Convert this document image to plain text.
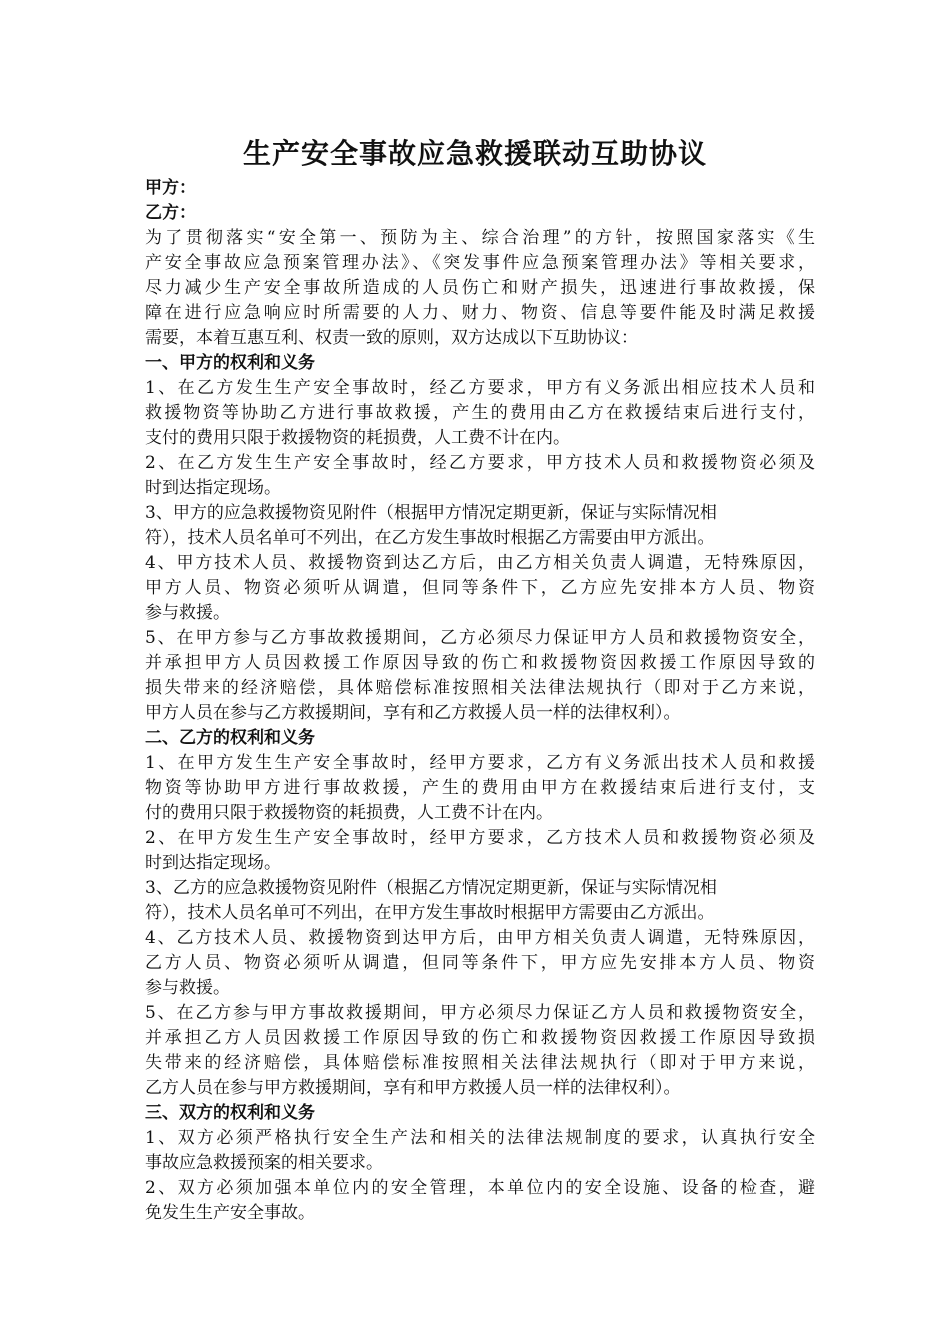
生产安全事故应急救援联动互助协议
甲方：
乙方：
为了贯彻落实“安全第一、预防为主、综合治理”的方针，按照国家落实《生
产安全事故应急预案管理办法》、《突发事件应急预案管理办法》等相关要求，
尽力减少生产安全事故所造成的人员伤亡和财产损失，迅速进行事故救援，保
障在进行应急响应时所需要的人力、财力、物资、信息等要件能及时满足救援
需要，本着互惠互利、权责一致的原则，双方达成以下互助协议：
一、甲方的权利和义务
1、在乙方发生生产安全事故时，经乙方要求，甲方有义务派出相应技术人员和
救援物资等协助乙方进行事故救援，产生的费用由乙方在救援结束后进行支付，
支付的费用只限于救援物资的耗损费，人工费不计在内。
2、在乙方发生生产安全事故时，经乙方要求，甲方技术人员和救援物资必须及
时到达指定现场。
3、甲方的应急救援物资见附件（根据甲方情况定期更新，保证与实际情况相
符），技术人员名单可不列出，在乙方发生事故时根据乙方需要由甲方派出。
4、甲方技术人员、救援物资到达乙方后，由乙方相关负责人调遣，无特殊原因，
甲方人员、物资必须听从调遣，但同等条件下，乙方应先安排本方人员、物资
参与救援。
5、在甲方参与乙方事故救援期间，乙方必须尽力保证甲方人员和救援物资安全，
并承担甲方人员因救援工作原因导致的伤亡和救援物资因救援工作原因导致的
损失带来的经济赔偿，具体赔偿标准按照相关法律法规执行（即对于乙方来说，
甲方人员在参与乙方救援期间，享有和乙方救援人员一样的法律权利）。
二、乙方的权利和义务
1、在甲方发生生产安全事故时，经甲方要求，乙方有义务派出技术人员和救援
物资等协助甲方进行事故救援，产生的费用由甲方在救援结束后进行支付，支
付的费用只限于救援物资的耗损费，人工费不计在内。
2、在甲方发生生产安全事故时，经甲方要求，乙方技术人员和救援物资必须及
时到达指定现场。
3、乙方的应急救援物资见附件（根据乙方情况定期更新，保证与实际情况相
符），技术人员名单可不列出，在甲方发生事故时根据甲方需要由乙方派出。
4、乙方技术人员、救援物资到达甲方后，由甲方相关负责人调遣，无特殊原因，
乙方人员、物资必须听从调遣，但同等条件下，甲方应先安排本方人员、物资
参与救援。
5、在乙方参与甲方事故救援期间，甲方必须尽力保证乙方人员和救援物资安全，
并承担乙方人员因救援工作原因导致的伤亡和救援物资因救援工作原因导致损
失带来的经济赔偿，具体赔偿标准按照相关法律法规执行（即对于甲方来说，
乙方人员在参与甲方救援期间，享有和甲方救援人员一样的法律权利）。
三、双方的权利和义务
1、双方必须严格执行安全生产法和相关的法律法规制度的要求，认真执行安全
事故应急救援预案的相关要求。
2、双方必须加强本单位内的安全管理，本单位内的安全设施、设备的检查，避
免发生生产安全事故。
